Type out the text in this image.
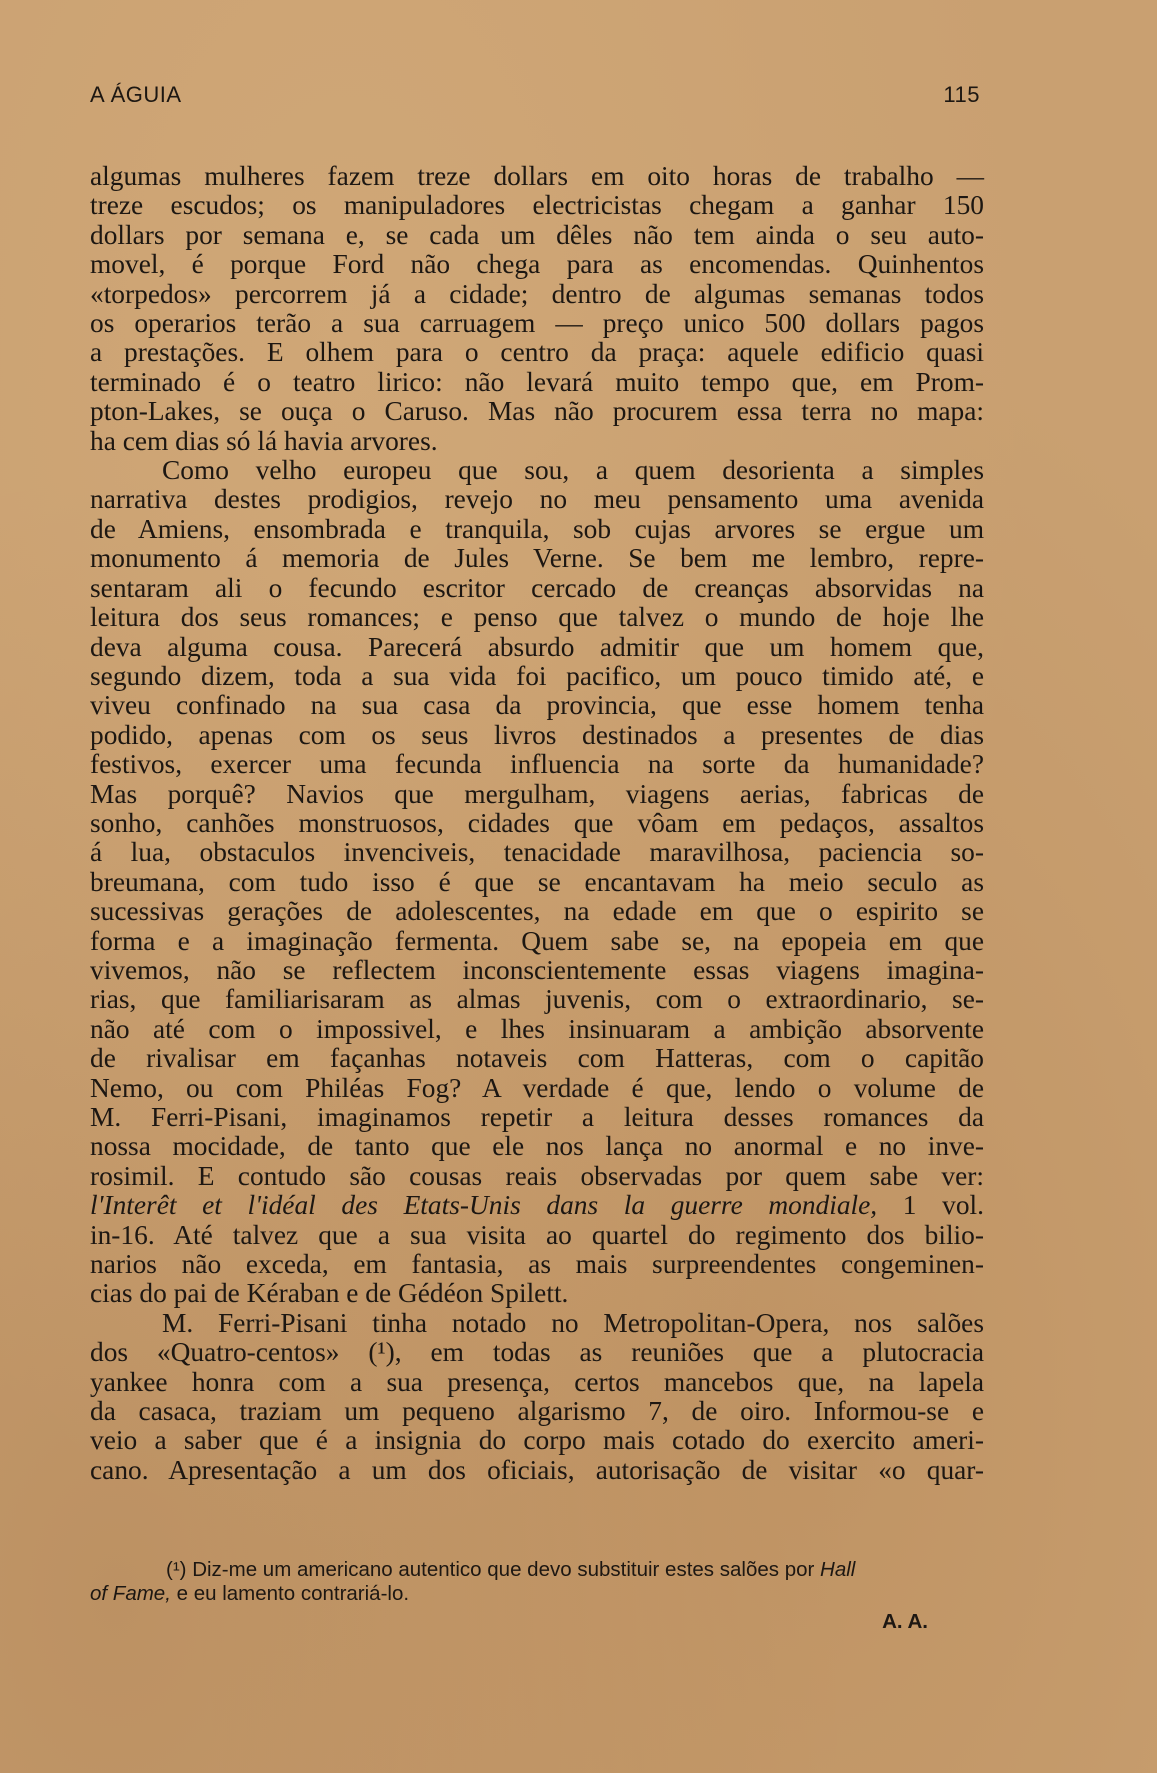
A ÁGUIA	115
algumas mulheres fazem treze dollars em oito horas de trabalho —
treze escudos; os manipuladores electricistas chegam a ganhar 150
dollars por semana e, se cada um dêles não tem ainda o seu auto-
movel, é porque Ford não chega para as encomendas. Quinhentos
«torpedos» percorrem já a cidade; dentro de algumas semanas todos
os operarios terão a sua carruagem — preço unico 500 dollars pagos
a prestações. E olhem para o centro da praça: aquele edificio quasi
terminado é o teatro lirico: não levará muito tempo que, em Prom-
pton-Lakes, se ouça o Caruso. Mas não procurem essa terra no mapa:
ha cem dias só lá havia arvores.
Como velho europeu que sou, a quem desorienta a simples
narrativa destes prodigios, revejo no meu pensamento uma avenida
de Amiens, ensombrada e tranquila, sob cujas arvores se ergue um
monumento á memoria de Jules Verne. Se bem me lembro, repre-
sentaram ali o fecundo escritor cercado de creanças absorvidas na
leitura dos seus romances; e penso que talvez o mundo de hoje lhe
deva alguma cousa. Parecerá absurdo admitir que um homem que,
segundo dizem, toda a sua vida foi pacifico, um pouco timido até, e
viveu confinado na sua casa da provincia, que esse homem tenha
podido, apenas com os seus livros destinados a presentes de dias
festivos, exercer uma fecunda influencia na sorte da humanidade?
Mas porquê? Navios que mergulham, viagens aerias, fabricas de
sonho, canhões monstruosos, cidades que vôam em pedaços, assaltos
á lua, obstaculos invenciveis, tenacidade maravilhosa, paciencia so-
breumana, com tudo isso é que se encantavam ha meio seculo as
sucessivas gerações de adolescentes, na edade em que o espirito se
forma e a imaginação fermenta. Quem sabe se, na epopeia em que
vivemos, não se reflectem inconscientemente essas viagens imagina-
rias, que familiarisaram as almas juvenis, com o extraordinario, se-
não até com o impossivel, e lhes insinuaram a ambição absorvente
de rivalisar em façanhas notaveis com Hatteras, com o capitão
Nemo, ou com Philéas Fog? A verdade é que, lendo o volume de
M. Ferri-Pisani, imaginamos repetir a leitura desses romances da
nossa mocidade, de tanto que ele nos lança no anormal e no inve-
rosimil. E contudo são cousas reais observadas por quem sabe ver:
l'Interêt et l'idéal des Etats-Unis dans la guerre mondiale, 1 vol.
in-16. Até talvez que a sua visita ao quartel do regimento dos bilio-
narios não exceda, em fantasia, as mais surpreendentes congeminen-
cias do pai de Kéraban e de Gédéon Spilett.
M. Ferri-Pisani tinha notado no Metropolitan-Opera, nos salões
dos «Quatro-centos» (¹), em todas as reuniões que a plutocracia
yankee honra com a sua presença, certos mancebos que, na lapela
da casaca, traziam um pequeno algarismo 7, de oiro. Informou-se e
veio a saber que é a insignia do corpo mais cotado do exercito ameri-
cano. Apresentação a um dos oficiais, autorisação de visitar «o quar-
(¹) Diz-me um americano autentico que devo substituir estes salões por Hall
of Fame, e eu lamento contrariá-lo.
A. A.
